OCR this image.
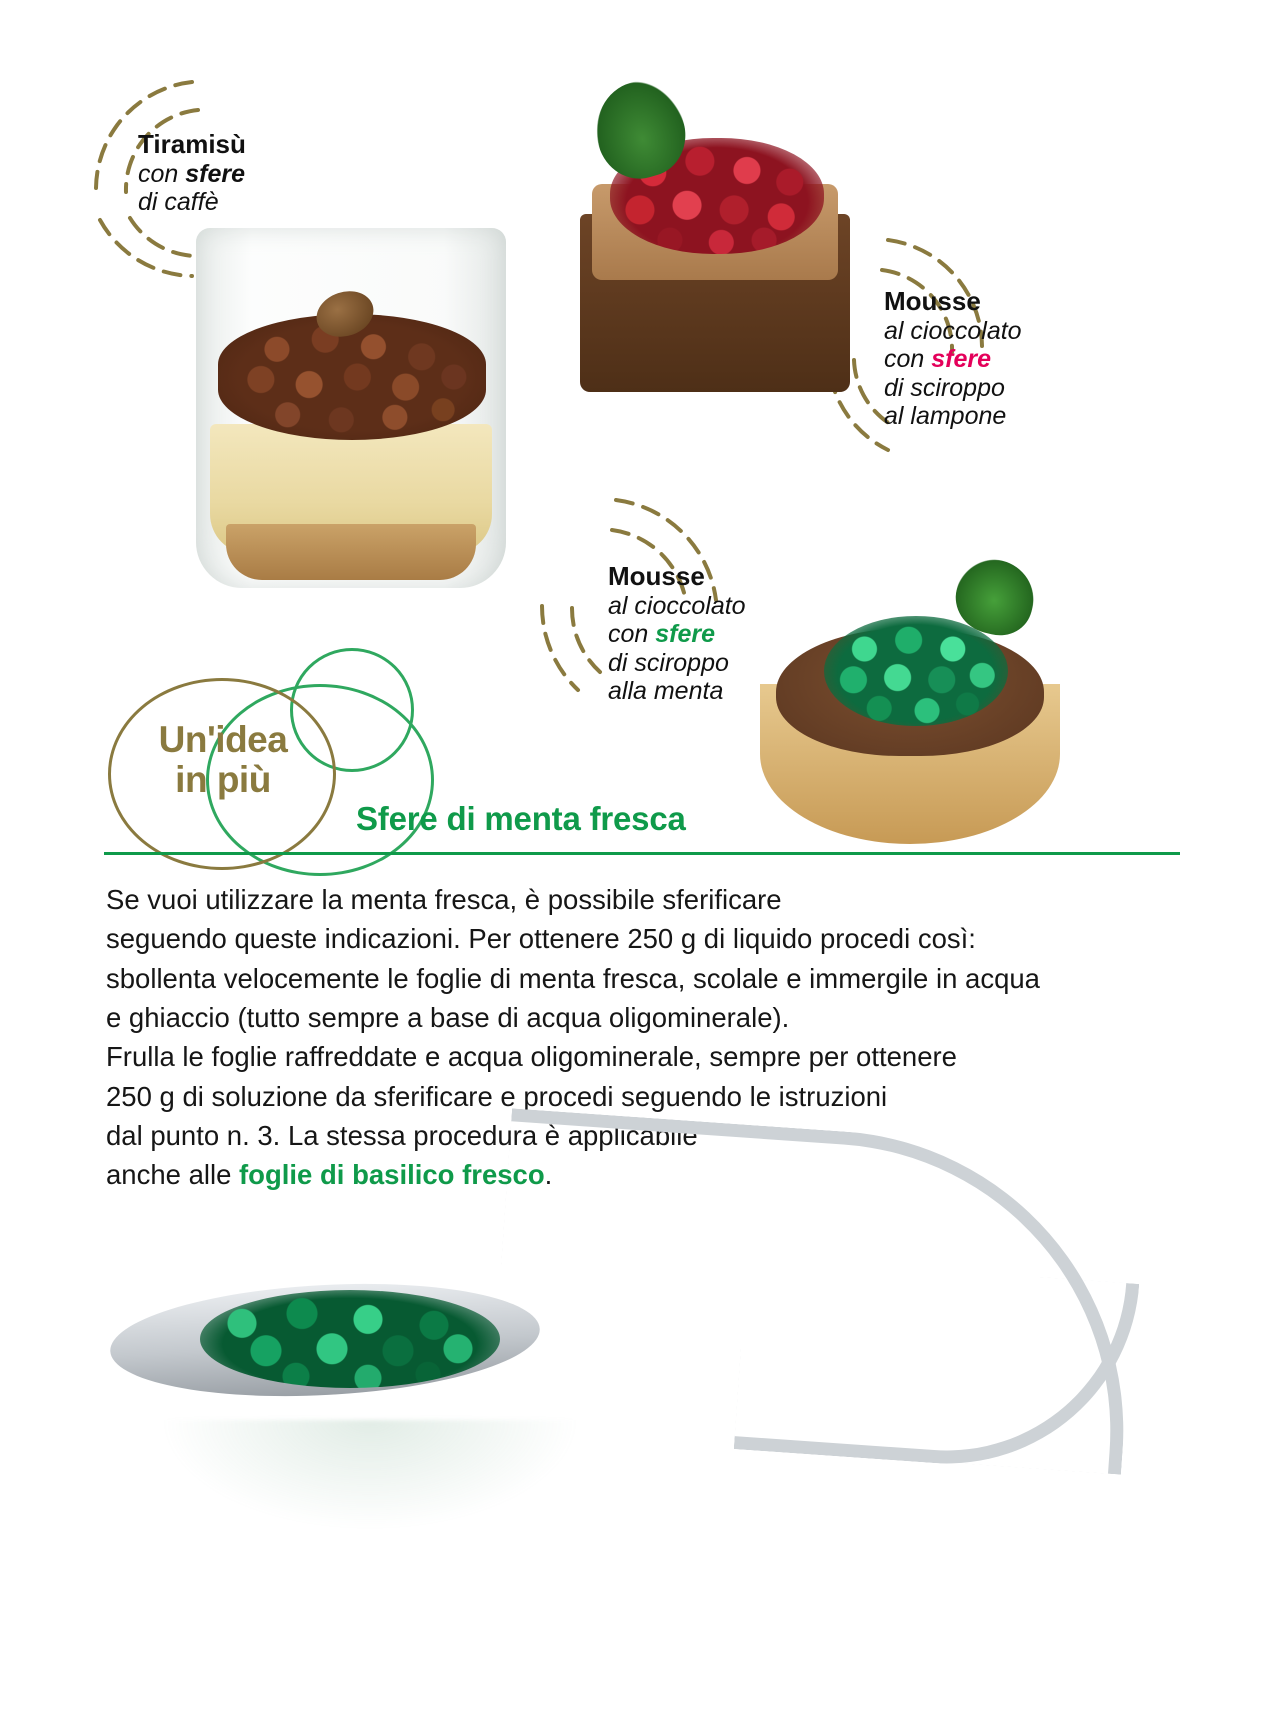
Tiramisù
con sfere
di caffè
Mousse
al cioccolato
con sfere
di sciroppo
al lampone
Mousse
al cioccolato
con sfere
di sciroppo
alla menta
Un'idea
in più
Sfere di menta fresca

Se vuoi utilizzare la menta fresca, è possibile sferificare

seguendo queste indicazioni. Per ottenere 250 g di liquido procedi così:

sbollenta velocemente le foglie di menta fresca, scolale e immergile in acqua

e ghiaccio (tutto sempre a base di acqua oligominerale).

Frulla le foglie raffreddate e acqua oligominerale, sempre per ottenere

250 g di soluzione da sferificare e procedi seguendo le istruzioni

dal punto n. 3. La stessa procedura è applicabile

anche alle foglie di basilico fresco.
